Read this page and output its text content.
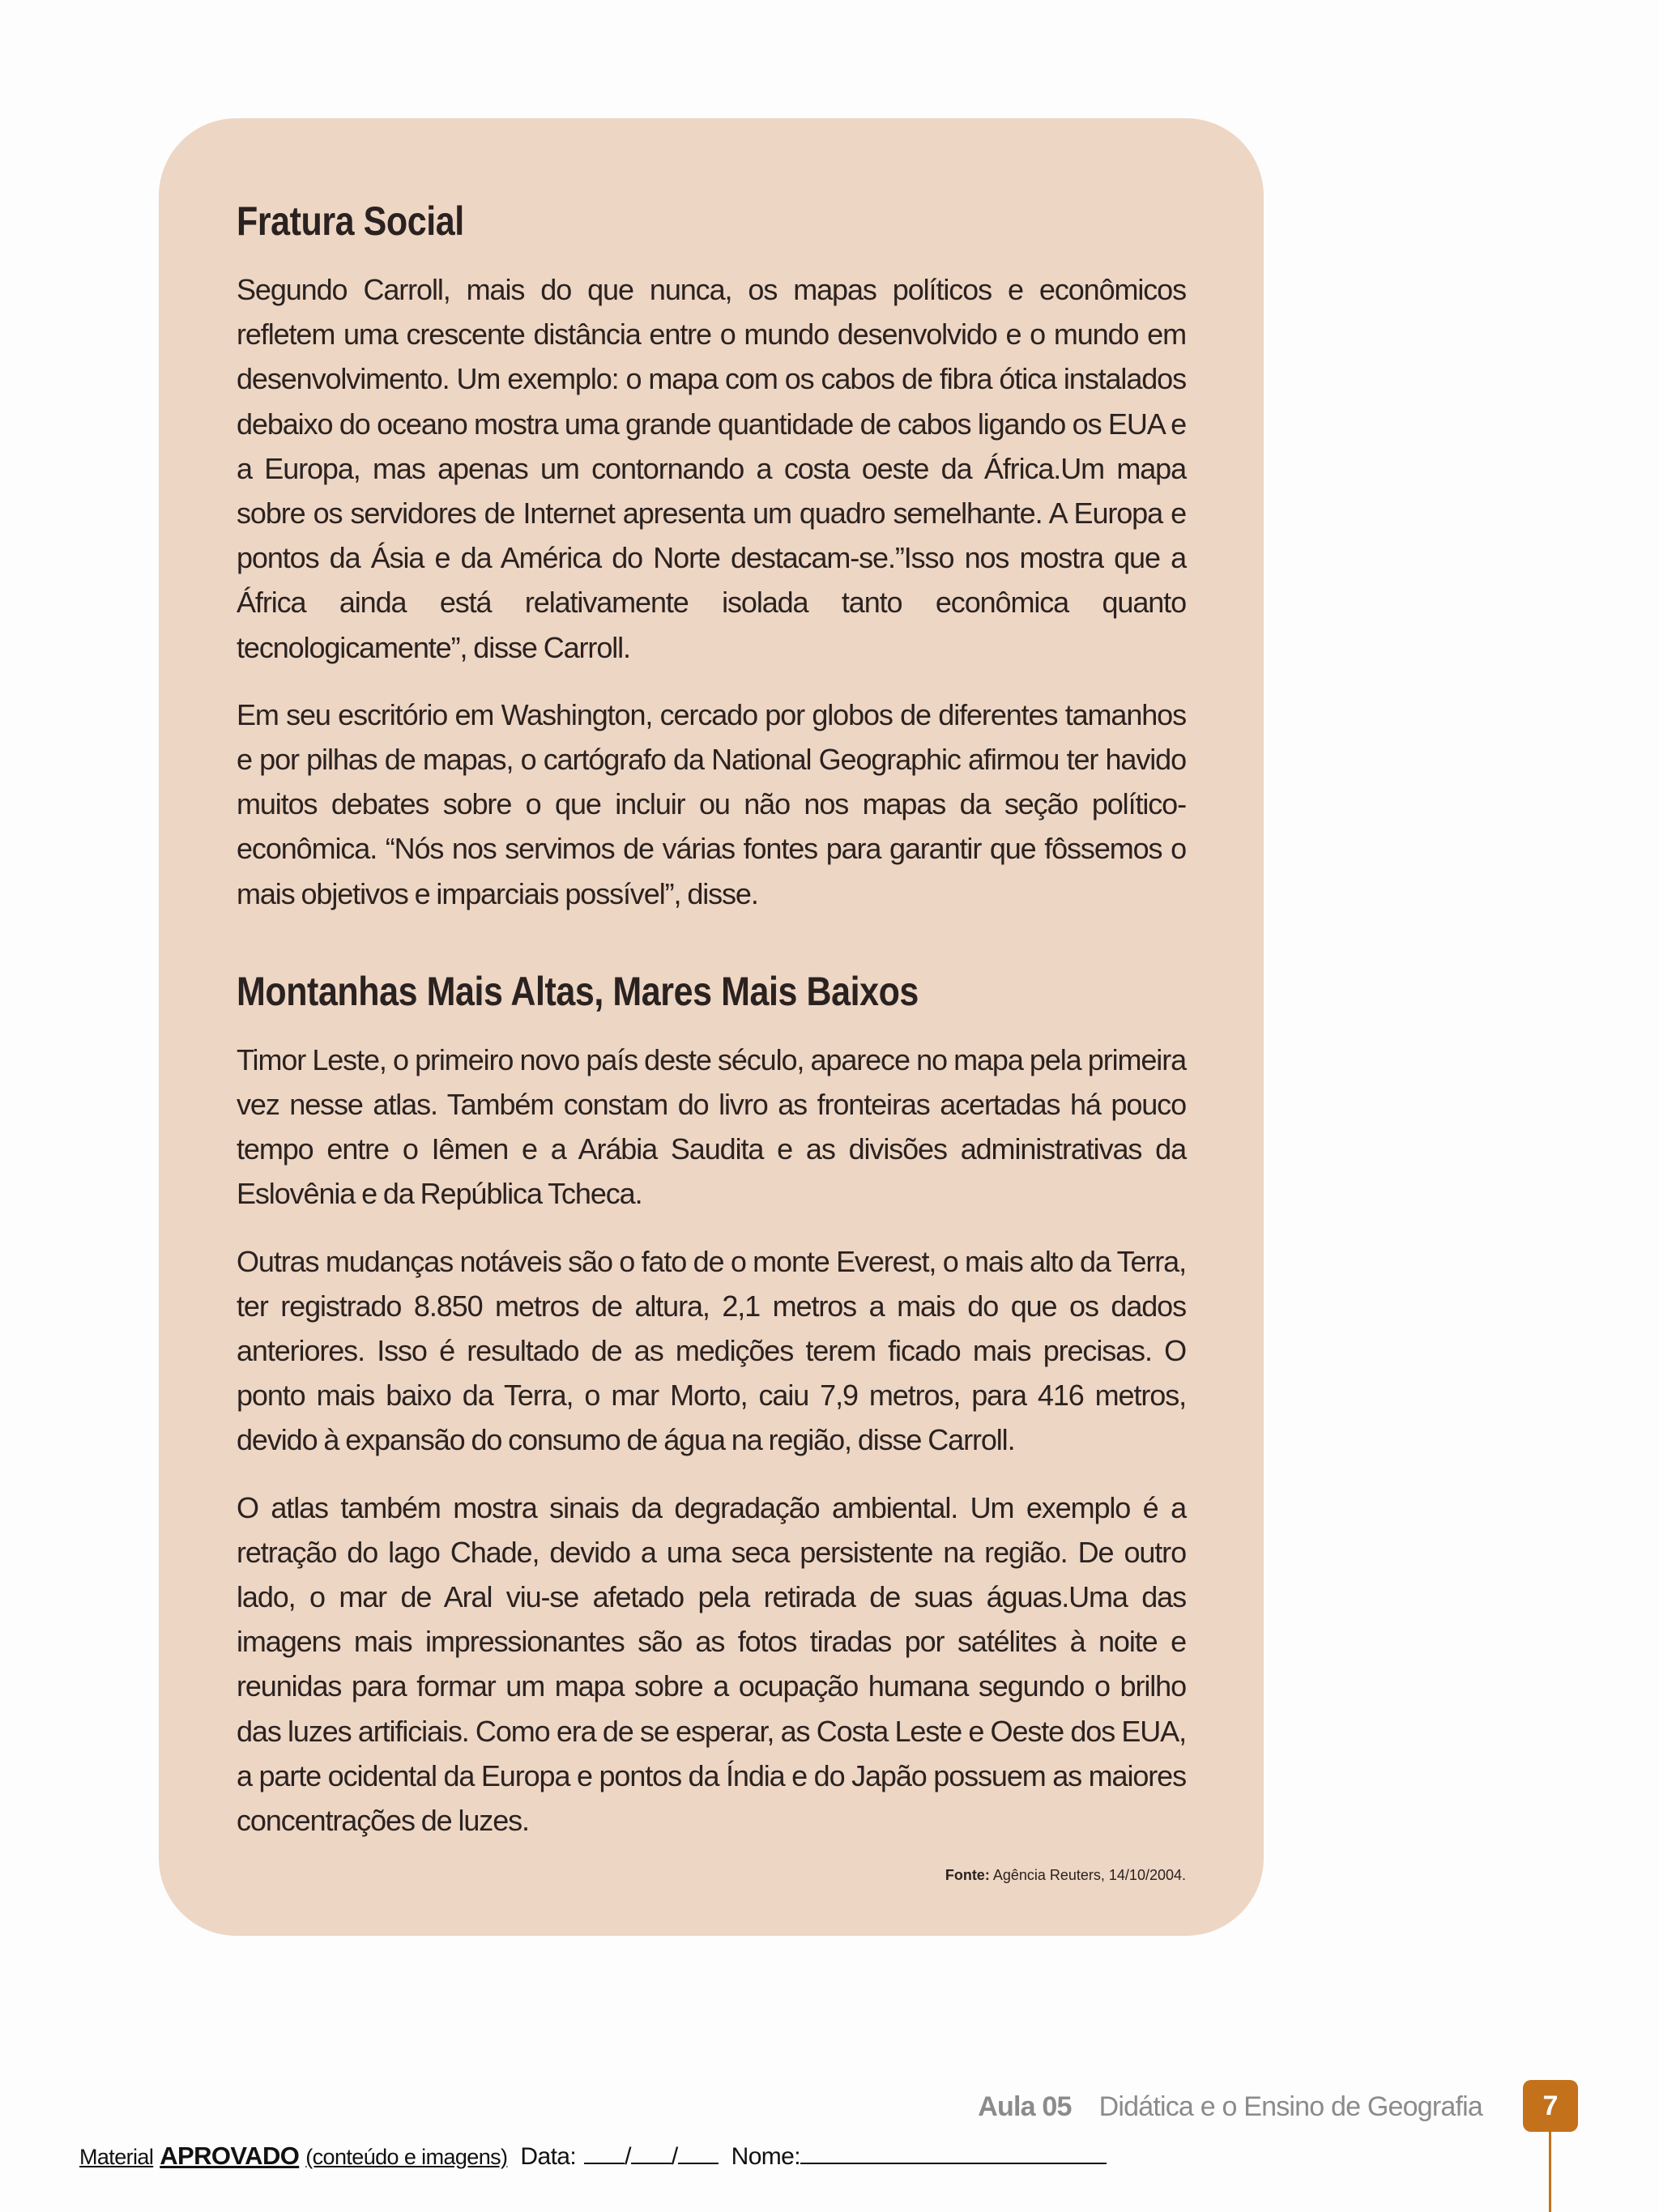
Fratura Social

Segundo Carroll, mais do que nunca, os mapas políticos e econômicos refletem uma crescente distância entre o mundo desenvolvido e o mundo em desenvolvimento. Um exemplo: o mapa com os cabos de fibra ótica instalados debaixo do oceano mostra uma grande quantidade de cabos ligando os EUA e a Europa, mas apenas um contornando a costa oeste da África.Um mapa sobre os servidores de Internet apresenta um quadro semelhante. A Europa e pontos da Ásia e da América do Norte destacam-se.”Isso nos mostra que a África ainda está relativamente isolada tanto econômica quanto tecnologicamente”, disse Carroll.

Em seu escritório em Washington, cercado por globos de diferentes tamanhos e por pilhas de mapas, o cartógrafo da National Geographic afirmou ter havido muitos debates sobre o que incluir ou não nos mapas da seção político-econômica. “Nós nos servimos de várias fontes para garantir que fôssemos o mais objetivos e imparciais possível”, disse.

Montanhas Mais Altas, Mares Mais Baixos

Timor Leste, o primeiro novo país deste século, aparece no mapa pela primeira vez nesse atlas. Também constam do livro as fronteiras acertadas há pouco tempo entre o Iêmen e a Arábia Saudita e as divisões administrativas da Eslovênia e da República Tcheca.

Outras mudanças notáveis são o fato de o monte Everest, o mais alto da Terra, ter registrado 8.850 metros de altura, 2,1 metros a mais do que os dados anteriores. Isso é resultado de as medições terem ficado mais precisas. O ponto mais baixo da Terra, o mar Morto, caiu 7,9 metros, para 416 metros, devido à expansão do consumo de água na região, disse Carroll.

O atlas também mostra sinais da degradação ambiental. Um exemplo é a retração do lago Chade, devido a uma seca persistente na região. De outro lado, o mar de Aral viu-se afetado pela retirada de suas águas.Uma das imagens mais impressionantes são as fotos tiradas por satélites à noite e reunidas para formar um mapa sobre a ocupação humana segundo o brilho das luzes artificiais. Como era de se esperar, as Costa Leste e Oeste dos EUA, a parte ocidental da Europa e pontos da Índia e do Japão possuem as maiores concentrações de luzes.

Fonte: Agência Reuters, 14/10/2004.
Aula 05 Didática e o Ensino de Geografia 7
Material APROVADO (conteúdo e imagens) Data: / / Nome:
